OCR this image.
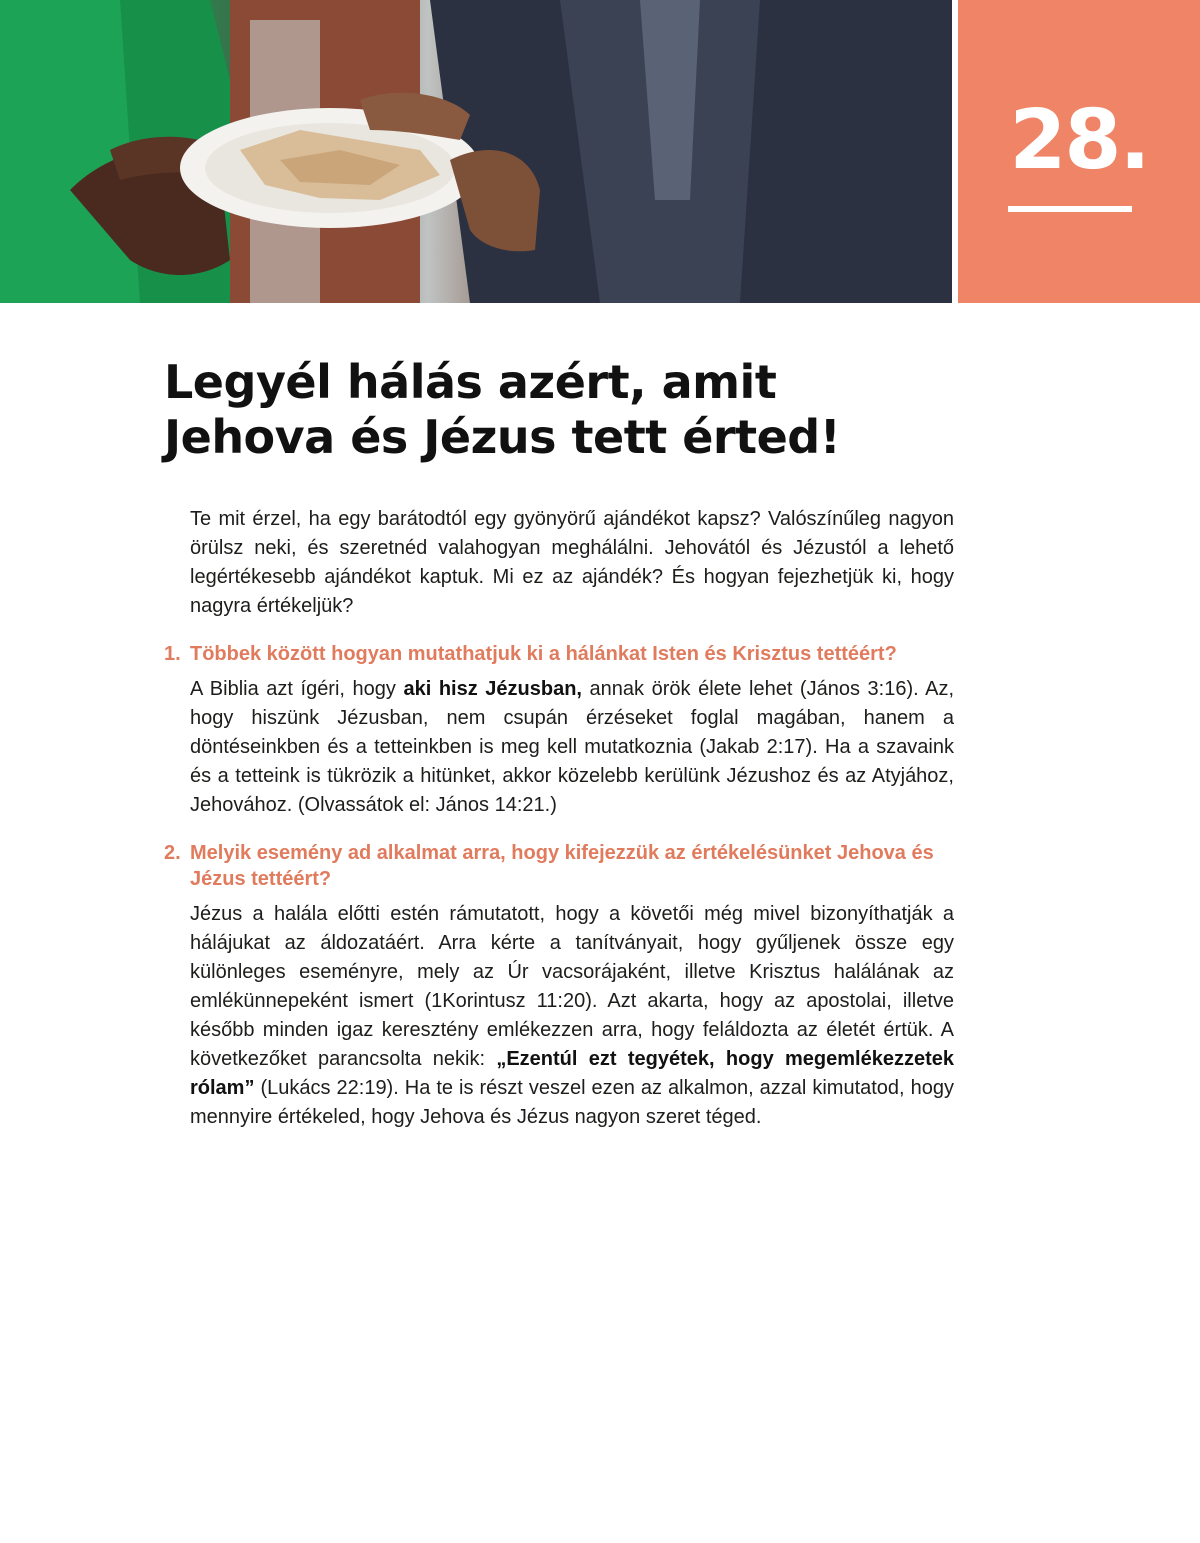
28.
Legyél hálás azért, amit
Jehova és Jézus tett érted!

Te mit érzel, ha egy barátodtól egy gyönyörű ajándékot kapsz? Valószínűleg nagyon örülsz neki, és szeretnéd valahogyan meghálálni. Jehovától és Jézustól a lehető legértékesebb ajándékot kaptuk. Mi ez az ajándék? És hogyan fejezhetjük ki, hogy nagyra értékeljük?

1. Többek között hogyan mutathatjuk ki a hálánkat Isten és Krisztus tettéért?

A Biblia azt ígéri, hogy aki hisz Jézusban, annak örök élete lehet (János 3:16). Az, hogy hiszünk Jézusban, nem csupán érzéseket foglal magában, hanem a döntéseinkben és a tetteinkben is meg kell mutatkoznia (Jakab 2:17). Ha a szavaink és a tetteink is tükrözik a hitünket, akkor közelebb kerülünk Jézushoz és az Atyjához, Jehovához. (Olvassátok el: János 14:21.)

2. Melyik esemény ad alkalmat arra, hogy kifejezzük az értékelésünket Jehova és Jézus tettéért?

Jézus a halála előtti estén rámutatott, hogy a követői még mivel bizonyíthatják a hálájukat az áldozatáért. Arra kérte a tanítványait, hogy gyűljenek össze egy különleges eseményre, mely az Úr vacsorájaként, illetve Krisztus halálának az emlékünnepeként ismert (1Korintusz 11:20). Azt akarta, hogy az apostolai, illetve később minden igaz keresztény emlékezzen arra, hogy feláldozta az életét értük. A következőket parancsolta nekik: „Ezentúl ezt tegyétek, hogy megemlékezzetek rólam” (Lukács 22:19). Ha te is részt veszel ezen az alkalmon, azzal kimutatod, hogy mennyire értékeled, hogy Jehova és Jézus nagyon szeret téged.
